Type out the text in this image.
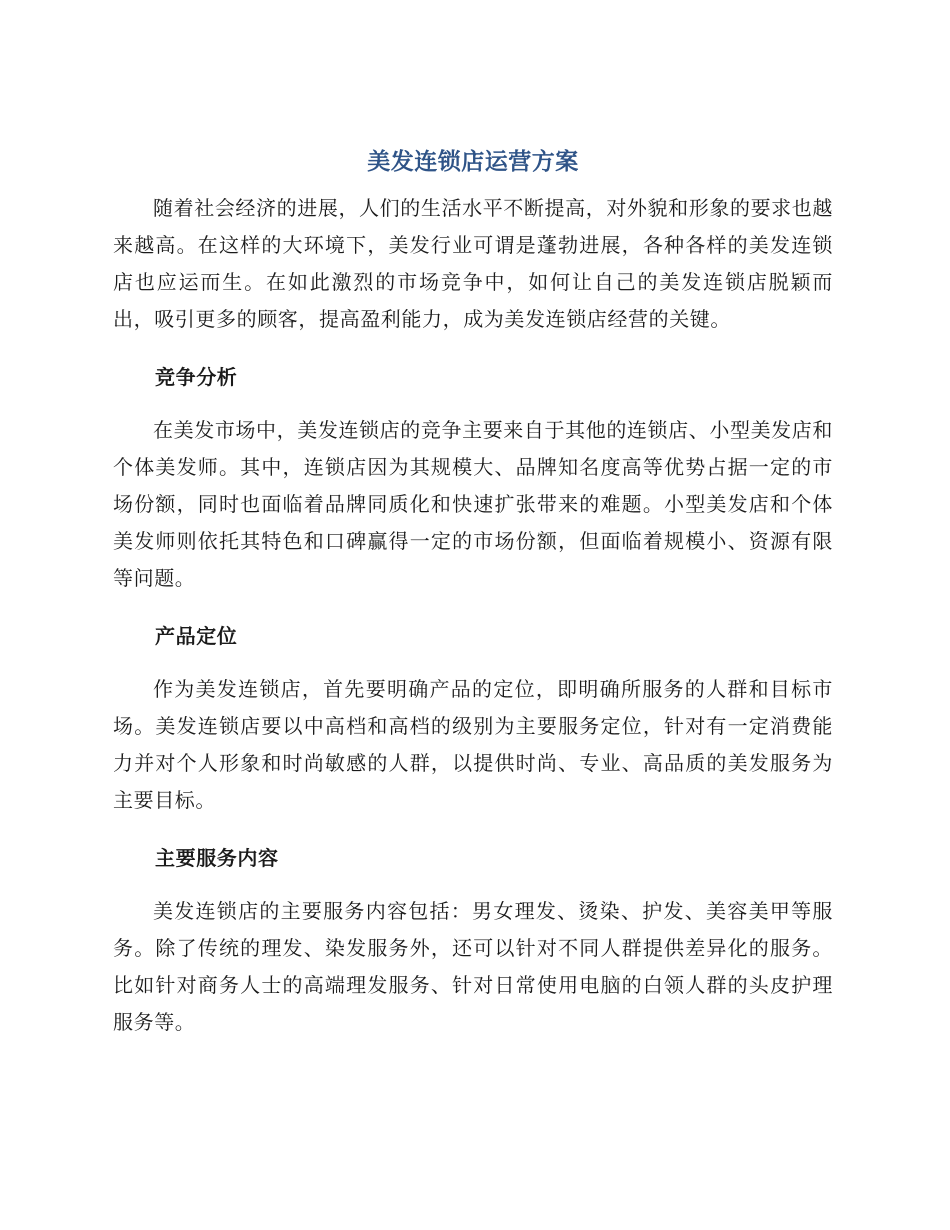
美发连锁店运营方案

随着社会经济的进展，人们的生活水平不断提高，对外貌和形象的要求也越来越高。在这样的大环境下，美发行业可谓是蓬勃进展，各种各样的美发连锁店也应运而生。在如此激烈的市场竞争中，如何让自己的美发连锁店脱颖而出，吸引更多的顾客，提高盈利能力，成为美发连锁店经营的关键。

竞争分析

在美发市场中，美发连锁店的竞争主要来自于其他的连锁店、小型美发店和个体美发师。其中，连锁店因为其规模大、品牌知名度高等优势占据一定的市场份额，同时也面临着品牌同质化和快速扩张带来的难题。小型美发店和个体美发师则依托其特色和口碑赢得一定的市场份额，但面临着规模小、资源有限等问题。

产品定位

作为美发连锁店，首先要明确产品的定位，即明确所服务的人群和目标市场。美发连锁店要以中高档和高档的级别为主要服务定位，针对有一定消费能力并对个人形象和时尚敏感的人群，以提供时尚、专业、高品质的美发服务为主要目标。

主要服务内容

美发连锁店的主要服务内容包括：男女理发、烫染、护发、美容美甲等服务。除了传统的理发、染发服务外，还可以针对不同人群提供差异化的服务。比如针对商务人士的高端理发服务、针对日常使用电脑的白领人群的头皮护理服务等。
